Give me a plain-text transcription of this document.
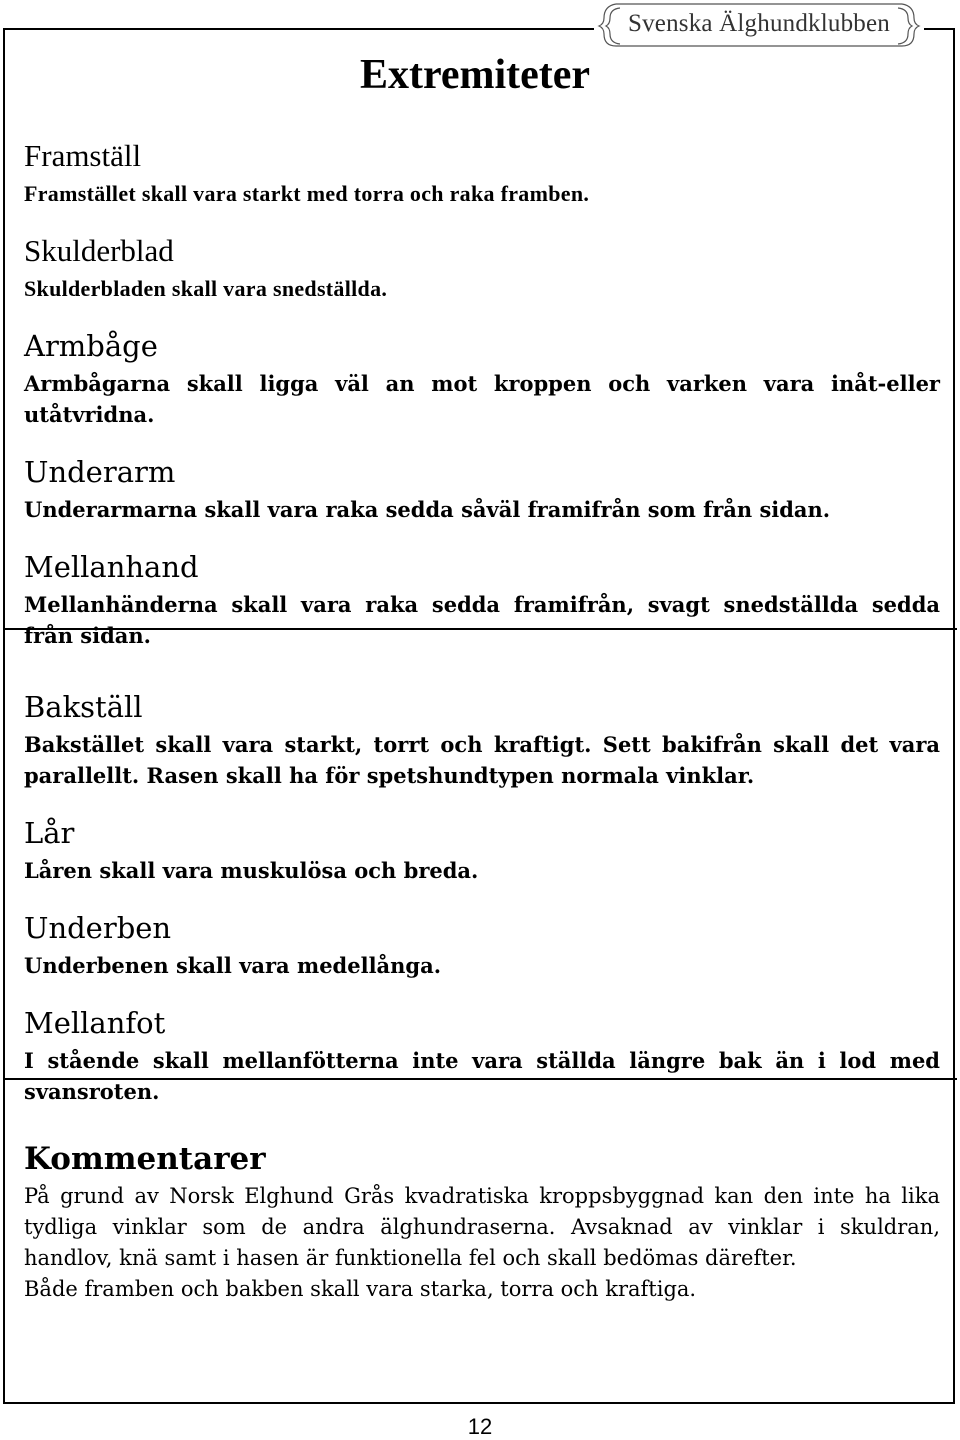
Svenska Älghundklubben
Extremiteter
Framställ

Framstället skall vara starkt med torra och raka framben.

Skulderblad

Skulderbladen skall vara snedställda.

Armbåge

Armbågarna skall ligga väl an mot kroppen och varken vara inåt-eller utåtvridna.

Underarm

Underarmarna skall vara raka sedda såväl framifrån som från sidan.

Mellanhand

Mellanhänderna skall vara raka sedda framifrån, svagt snedställda sedda från sidan.

Bakställ

Bakstället skall vara starkt, torrt och kraftigt. Sett bakifrån skall det vara parallellt. Rasen skall ha för spetshundtypen normala vinklar.

Lår

Låren skall vara muskulösa och breda.

Underben

Underbenen skall vara medellånga.

Mellanfot

I stående skall mellanfötterna inte vara ställda längre bak än i lod med svansroten.

Kommentarer

På grund av Norsk Elghund Grås kvadratiska kroppsbyggnad kan den inte ha lika tydliga vinklar som de andra älghundraserna. Avsaknad av vinklar i skuldran, handlov, knä samt i hasen är funktionella fel och skall bedömas därefter.

Både framben och bakben skall vara starka, torra och kraftiga.

12
